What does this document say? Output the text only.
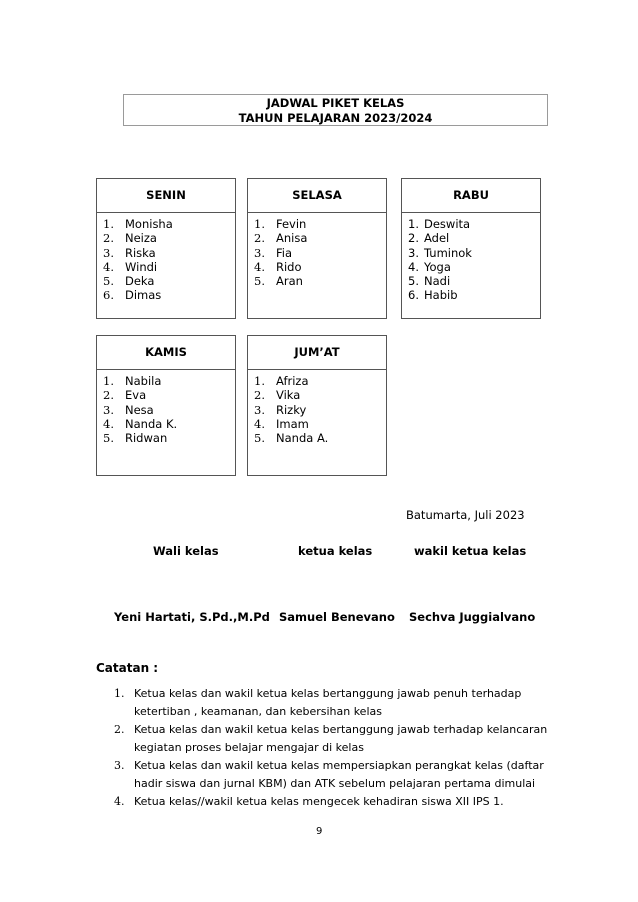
JADWAL PIKET KELAS
TAHUN PELAJARAN 2023/2024
SENIN
1. Monisha
2. Neiza
3. Riska
4. Windi
5. Deka
6. Dimas
SELASA
1. Fevin
2. Anisa
3. Fia
4. Rido
5. Aran
RABU
1. Deswita
2. Adel
3. Tuminok
4. Yoga
5. Nadi
6. Habib
KAMIS
1. Nabila
2. Eva
3. Nesa
4. Nanda K.
5. Ridwan
JUM’AT
1. Afriza
2. Vika
3. Rizky
4. Imam
5. Nanda A.
Batumarta, Juli 2023
Wali kelas	ketua kelas	wakil ketua kelas
Yeni Hartati, S.Pd.,M.Pd Samuel Benevano Sechva Juggialvano
Catatan :
1. Ketua kelas dan wakil ketua kelas bertanggung jawab penuh terhadap ketertiban , keamanan, dan kebersihan kelas
2. Ketua kelas dan wakil ketua kelas bertanggung jawab terhadap kelancaran kegiatan proses belajar mengajar di kelas
3. Ketua kelas dan wakil ketua kelas mempersiapkan perangkat kelas (daftar hadir siswa dan jurnal KBM) dan ATK sebelum pelajaran pertama dimulai
4. Ketua kelas//wakil ketua kelas mengecek kehadiran siswa XII IPS 1.
9
